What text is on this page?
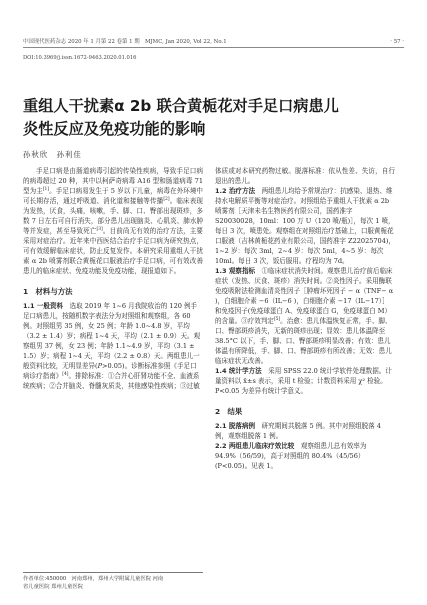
中国现代医药杂志 2020 年 1 月第 22 卷第 1 期　MJMC, Jan 2020, Vol 22, No.1	· 57 ·
DOI:10.3969/j.issn.1672-9463.2020.01.016
重组人干扰素α 2b 联合黄栀花对手足口病患儿
炎性反应及免疫功能的影响
孙秋欣　孙利佳

手足口病是由肠道病毒引起的传染性疾病，导致手足口病的病毒超过 20 种，其中以柯萨奇病毒 A16 型和肠道病毒 71 型为主[1]。手足口病易发生于 5 岁以下儿童，病毒在外环境中可长期存活，通过呼吸道、消化道和接触等传播[2]。临床表现为发热，厌食，头痛，咳嗽，手、脚、口、臀部出现斑疹，多数 7 日左右可自行消失，部分患儿出现脑炎、心肌炎、肺水肿等并发症，甚至导致死亡[3]。目前尚无有效的治疗方法，主要采用对症治疗。近年来中西医结合治疗手足口病为研究热点，可有效缓解临床症状，防止反复发作。本研究采用重组人干扰素 α 2b 喷雾剂联合黄栀花口服液治疗手足口病，可有效改善患儿的临床症状、免疫功能及免疫功能，现报道如下。

1　材料与方法

1.1 一般资料　选取 2019 年 1~6 月我院收治的 120 例手足口病患儿，按随机数字表法分为对照组和观察组，各 60 例。对照组男 35 例，女 25 例；年龄 1.0~4.8 岁，平均（3.2 ± 1.4）岁；病程 1~4 天，平均（2.1 ± 0.9）天。观察组男 37 例，女 23 例；年龄 1.1~4.9 岁，平均（3.1 ± 1.5）岁；病程 1~4 天，平均（2.2 ± 0.8）天。两组患儿一般资料比较，无明显差异(P>0.05)。诊断标准参照《手足口病诊疗指南》[4]。排除标准：①合并心肝肾功能不全、血液系统疾病；②合并脑炎、脊髓灰质炎，其他感染性疾病；③过敏

体质或对本研究药物过敏。脱落标准：依从性差、失访，自行退出的患儿。

1.2 治疗方法　两组患儿均给予常规治疗：抗感染、退热、维持水电解质平衡等对症治疗。对照组给予重组人干扰素 α 2b 喷雾剂［天津未名生物医药有限公司，国药准字 S20030028，10ml：100 万 U（120 喷/瓶)］，每次 1 喷，每日 3 次，喷患处。观察组在对照组治疗基础上，口服黄栀花口服液（吉林黄栀花药业有限公司，国药准字 Z22025704)，1~2 岁：每次 3ml，2~4 岁：每次 5ml，4~5 岁：每次 10ml。每日 3 次，饭后服用。疗程均为 7d。

1.3 观察指标　①临床症状消失时间。观察患儿治疗前后临床症状（发热、厌食、斑疹）消失时间。②炎性因子。采用酶联免疫吸附法检测血清炎性因子［肿瘤坏死因子 − α（TNF− α )，白细胞介素 −6（IL−6 )，白细胞介素 −17（IL−17）］和免疫因子(免疫球蛋白 A、免疫球蛋白 G，免疫球蛋白 M）的含量。③疗效判定[5]。治愈：患儿体温恢复正常，手、脚、口、臀部斑疹消失，无新的斑疹出现；显效：患儿体温降至 38.5°C 以下，手、脚、口、臀部斑疹明显改善；有效：患儿体温有所降低，手、脚、口、臀部斑疹有所改善；无效：患儿临床症状无改善。

1.4 统计学方法　采用 SPSS 22.0 统计学软件处理数据。计量资料以 x̄±s 表示，采用 t 检验；计数资料采用 χ² 检验。P<0.05 为差异有统计学意义。

2　结果

2.1 脱落病例　研究期间共脱落 5 例。其中对照组脱落 4 例，观察组脱落 1 例。

2.2 两组患儿临床疗效比较　观察组患儿总有效率为 94.9%（56/59)，高于对照组的 80.4%（45/56）(P<0.05)。见表 1。

作者单位:450000　河南郑州，郑州大学附属儿童医院 河南
省儿童医院 郑州儿童医院
